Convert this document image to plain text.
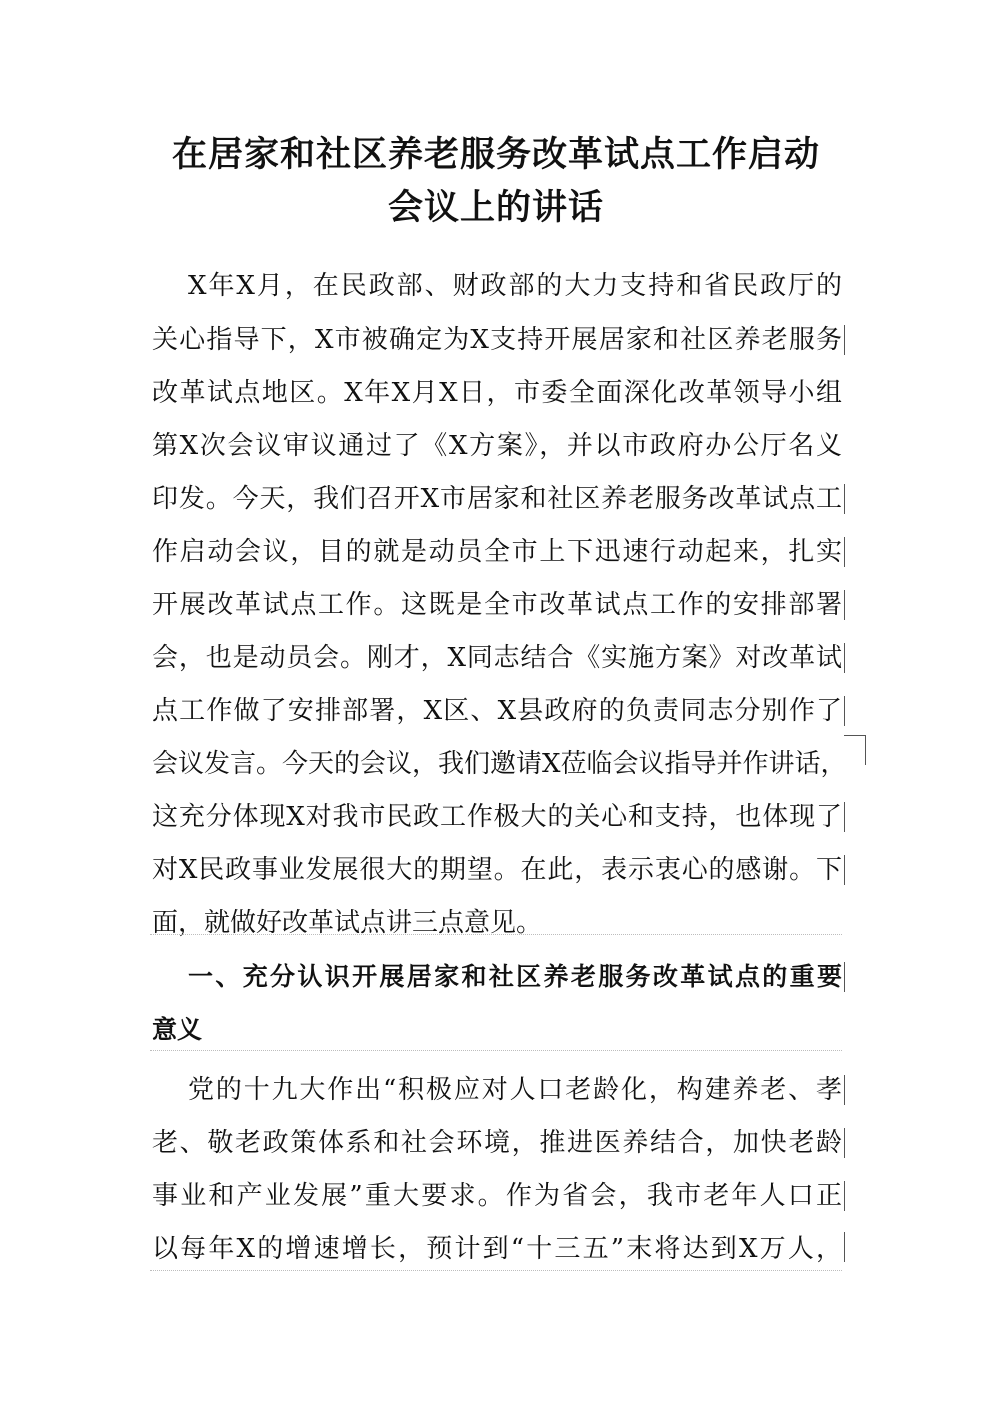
在居家和社区养老服务改革试点工作启动
会议上的讲话
X年X月，在民政部、财政部的大力支持和省民政厅的
关心指导下，X市被确定为X支持开展居家和社区养老服务
改革试点地区。X年X月X日，市委全面深化改革领导小组
第X次会议审议通过了《X方案》，并以市政府办公厅名义
印发。今天，我们召开X市居家和社区养老服务改革试点工
作启动会议，目的就是动员全市上下迅速行动起来，扎实
开展改革试点工作。这既是全市改革试点工作的安排部署
会，也是动员会。刚才，X同志结合《实施方案》对改革试
点工作做了安排部署，X区、X县政府的负责同志分别作了
会议发言。今天的会议，我们邀请X莅临会议指导并作讲话，
这充分体现X对我市民政工作极大的关心和支持，也体现了
对X民政事业发展很大的期望。在此，表示衷心的感谢。下
面，就做好改革试点讲三点意见。
一、充分认识开展居家和社区养老服务改革试点的重要
意义
党的十九大作出“积极应对人口老龄化，构建养老、孝
老、敬老政策体系和社会环境，推进医养结合，加快老龄
事业和产业发展”重大要求。作为省会，我市老年人口正
以每年X的增速增长，预计到“十三五”末将达到X万人，
